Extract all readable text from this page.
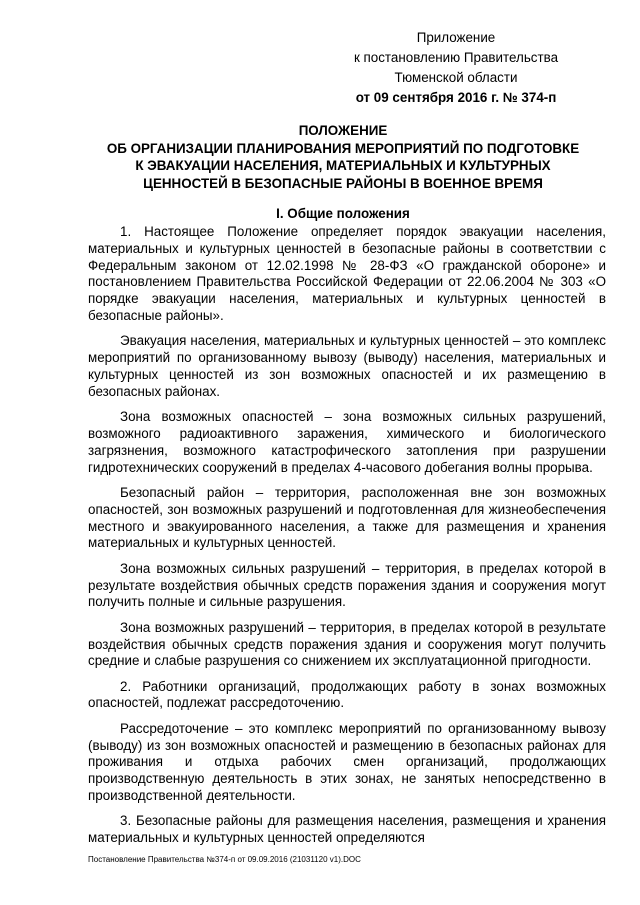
Приложение
к постановлению Правительства
Тюменской области
от 09 сентября 2016 г. № 374-п
ПОЛОЖЕНИЕ
ОБ ОРГАНИЗАЦИИ ПЛАНИРОВАНИЯ МЕРОПРИЯТИЙ ПО ПОДГОТОВКЕ
К ЭВАКУАЦИИ НАСЕЛЕНИЯ, МАТЕРИАЛЬНЫХ И КУЛЬТУРНЫХ
ЦЕННОСТЕЙ В БЕЗОПАСНЫЕ РАЙОНЫ В ВОЕННОЕ ВРЕМЯ
I. Общие положения

1. Настоящее Положение определяет порядок эвакуации населения, материальных и культурных ценностей в безопасные районы в соответствии с Федеральным законом от 12.02.1998 № 28-ФЗ «О гражданской обороне» и постановлением Правительства Российской Федерации от 22.06.2004 № 303 «О порядке эвакуации населения, материальных и культурных ценностей в безопасные районы».

Эвакуация населения, материальных и культурных ценностей – это комплекс мероприятий по организованному вывозу (выводу) населения, материальных и культурных ценностей из зон возможных опасностей и их размещению в безопасных районах.

Зона возможных опасностей – зона возможных сильных разрушений, возможного радиоактивного заражения, химического и биологического загрязнения, возможного катастрофического затопления при разрушении гидротехнических сооружений в пределах 4-часового добегания волны прорыва.

Безопасный район – территория, расположенная вне зон возможных опасностей, зон возможных разрушений и подготовленная для жизнеобеспечения местного и эвакуированного населения, а также для размещения и хранения материальных и культурных ценностей.

Зона возможных сильных разрушений – территория, в пределах которой в результате воздействия обычных средств поражения здания и сооружения могут получить полные и сильные разрушения.

Зона возможных разрушений – территория, в пределах которой в результате воздействия обычных средств поражения здания и сооружения могут получить средние и слабые разрушения со снижением их эксплуатационной пригодности.

2. Работники организаций, продолжающих работу в зонах возможных опасностей, подлежат рассредоточению.

Рассредоточение – это комплекс мероприятий по организованному вывозу (выводу) из зон возможных опасностей и размещению в безопасных районах для проживания и отдыха рабочих смен организаций, продолжающих производственную деятельность в этих зонах, не занятых непосредственно в производственной деятельности.

3. Безопасные районы для размещения населения, размещения и хранения материальных и культурных ценностей определяются

Постановление Правительства №374-п от 09.09.2016 (21031120 v1).DOC
